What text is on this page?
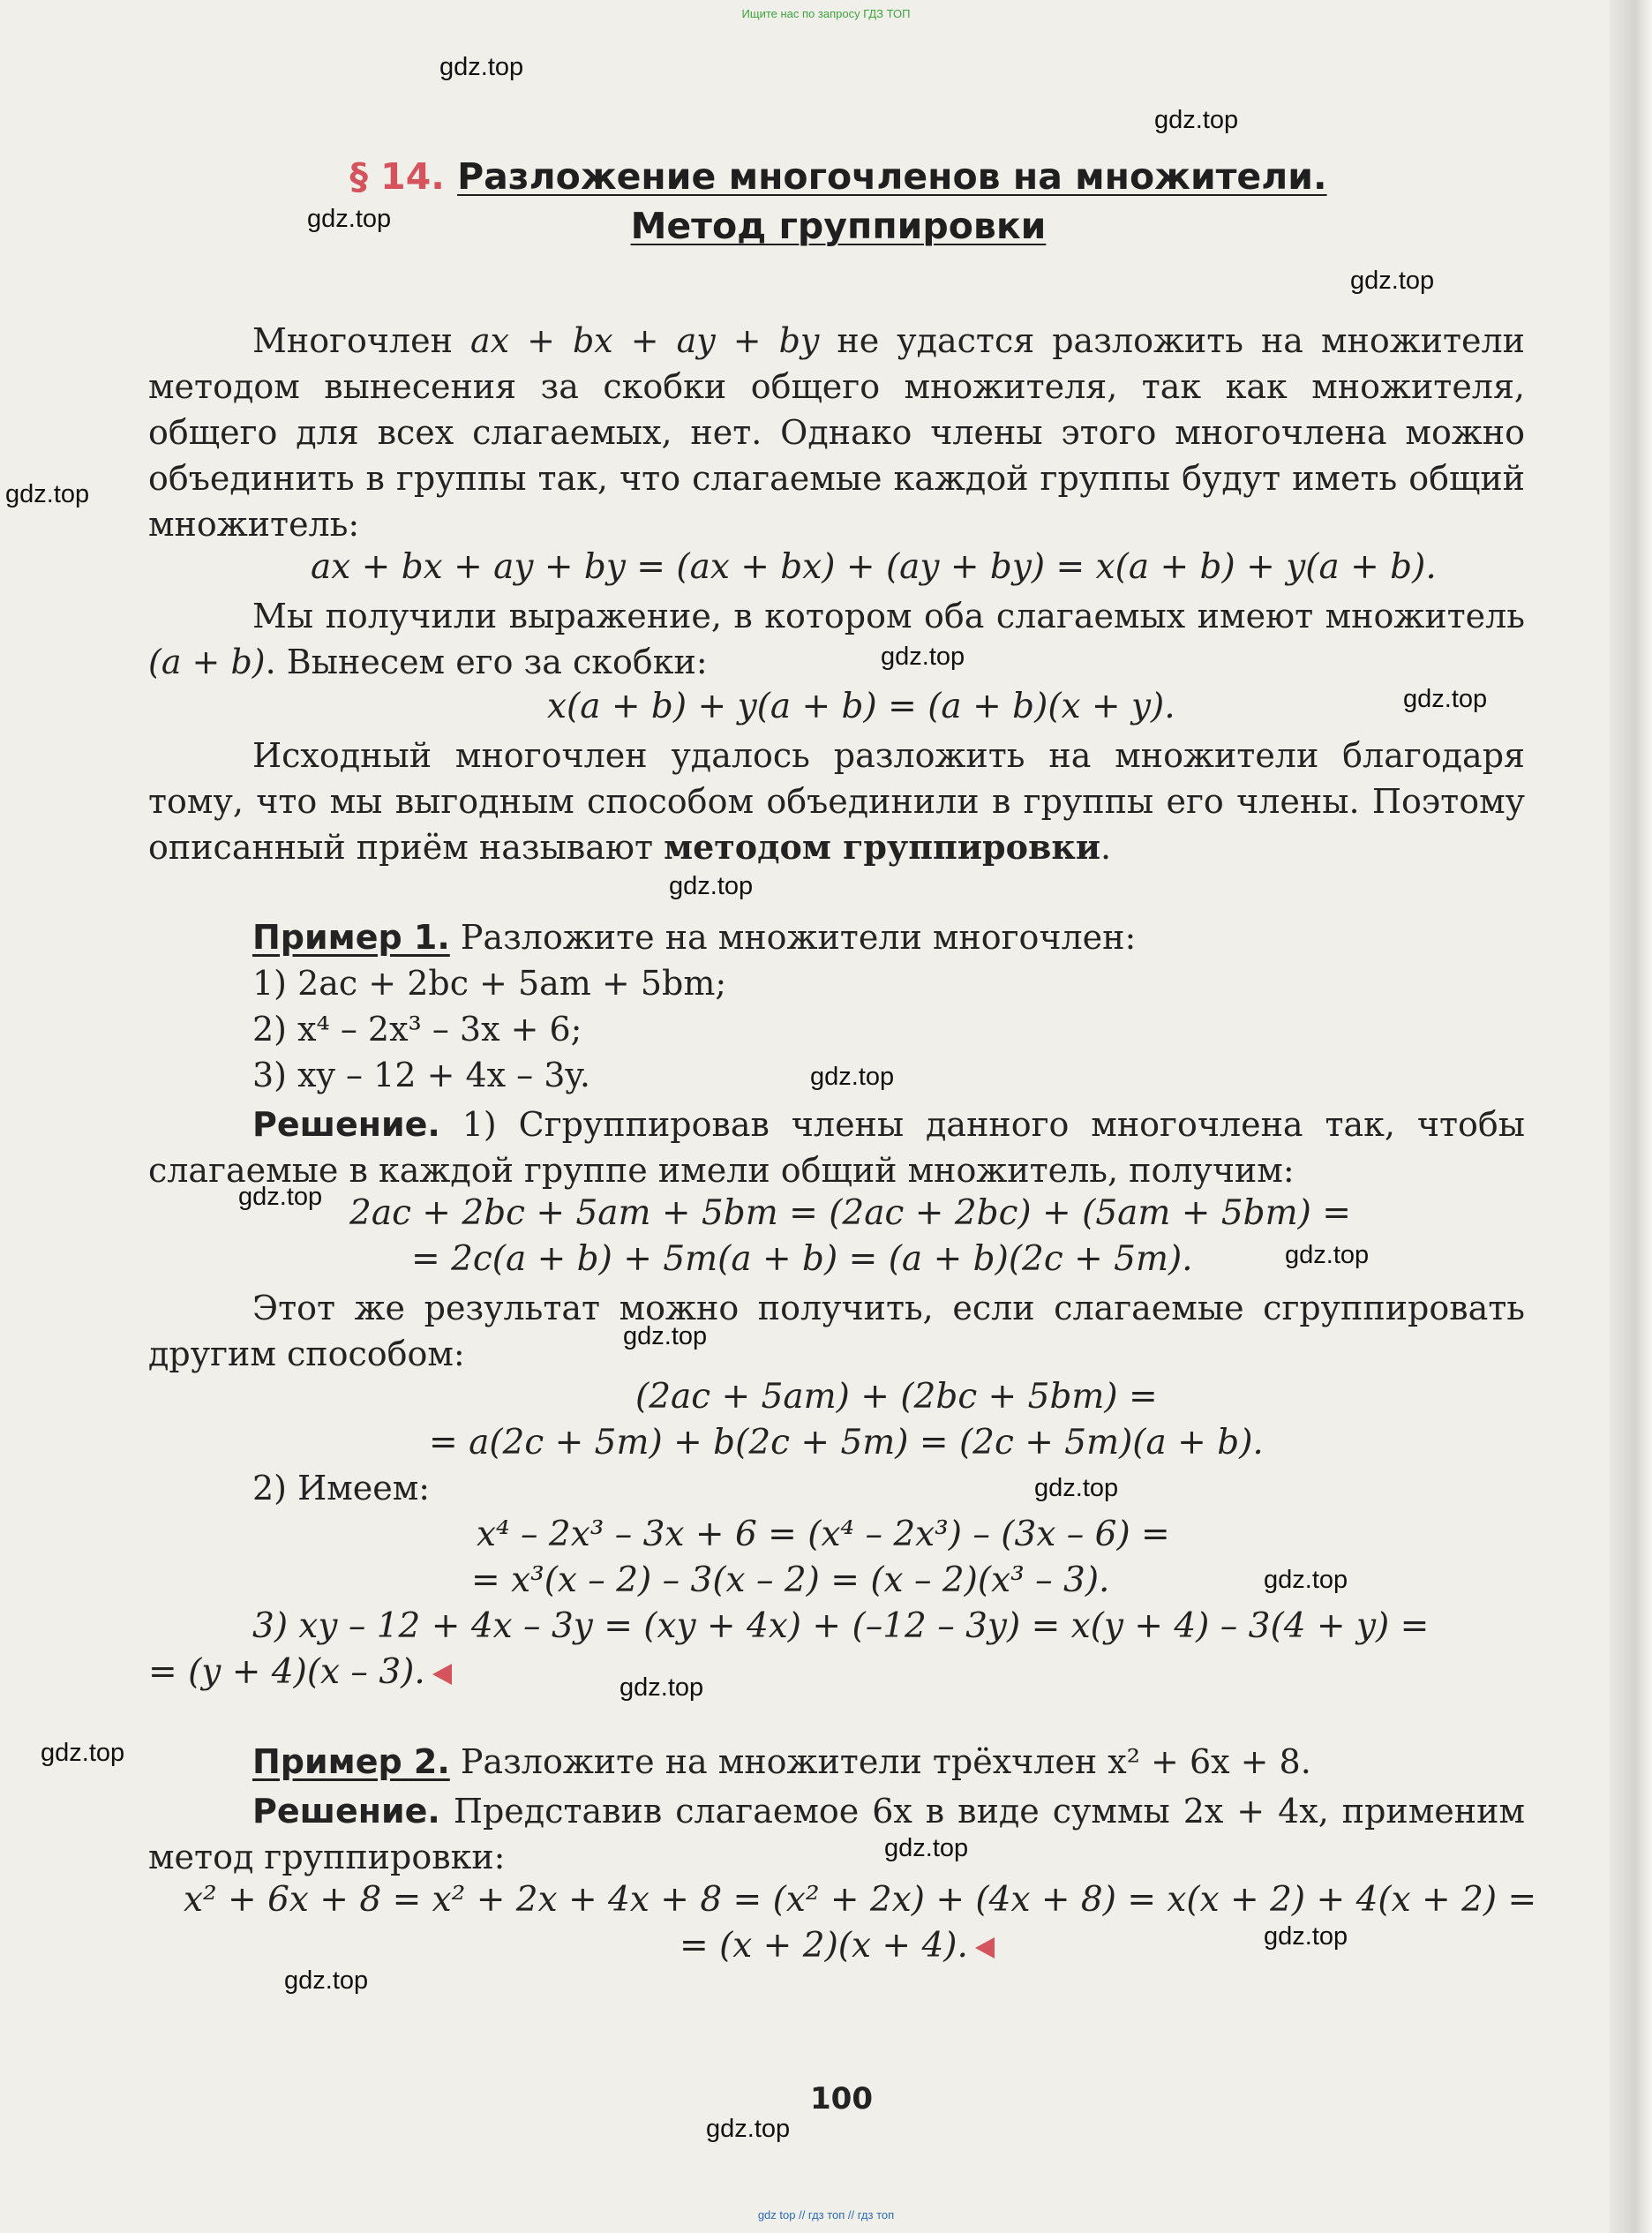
Ищите нас по запросу ГДЗ ТОП
gdz.top
gdz.top
gdz.top
gdz.top
gdz.top
gdz.top
gdz.top
gdz.top
gdz.top
gdz.top
gdz.top
gdz.top
gdz.top
gdz.top
gdz.top
gdz.top
gdz.top
gdz.top
gdz.top
gdz.top
§ 14. Разложение многочленов на множители.
Метод группировки

Многочлен ax + bx + ay + by не удастся разложить на множители методом вынесения за скобки общего множителя, так как множителя, общего для всех слагаемых, нет. Однако члены этого многочлена можно объединить в группы так, что слагаемые каждой группы будут иметь общий множитель:

ax + bx + ay + by = (ax + bx) + (ay + by) = x(a + b) + y(a + b).

Мы получили выражение, в котором оба слагаемых имеют множитель (a + b). Вынесем его за скобки:

x(a + b) + y(a + b) = (a + b)(x + y).

Исходный многочлен удалось разложить на множители благодаря тому, что мы выгодным способом объединили в группы его члены. Поэтому описанный приём называют методом группировки.

Пример 1. Разложите на множители многочлен:
1) 2ac + 2bc + 5am + 5bm;
2) x⁴ – 2x³ – 3x + 6;
3) xy – 12 + 4x – 3y.

Решение. 1) Сгруппировав члены данного многочлена так, чтобы слагаемые в каждой группе имели общий множитель, получим:

2ac + 2bc + 5am + 5bm = (2ac + 2bc) + (5am + 5bm) =
= 2c(a + b) + 5m(a + b) = (a + b)(2c + 5m).

Этот же результат можно получить, если слагаемые сгруппировать другим способом:

(2ac + 5am) + (2bc + 5bm) =
= a(2c + 5m) + b(2c + 5m) = (2c + 5m)(a + b).
2) Имеем:
x⁴ – 2x³ – 3x + 6 = (x⁴ – 2x³) – (3x – 6) =
= x³(x – 2) – 3(x – 2) = (x – 2)(x³ – 3).
3) xy – 12 + 4x – 3y = (xy + 4x) + (–12 – 3y) = x(y + 4) – 3(4 + y) =
= (y + 4)(x – 3).
Пример 2. Разложите на множители трёхчлен x² + 6x + 8.

Решение. Представив слагаемое 6x в виде суммы 2x + 4x, применим метод группировки:

x² + 6x + 8 = x² + 2x + 4x + 8 = (x² + 2x) + (4x + 8) = x(x + 2) + 4(x + 2) =
= (x + 2)(x + 4).
100
gdz top // гдз топ // гдз топ
